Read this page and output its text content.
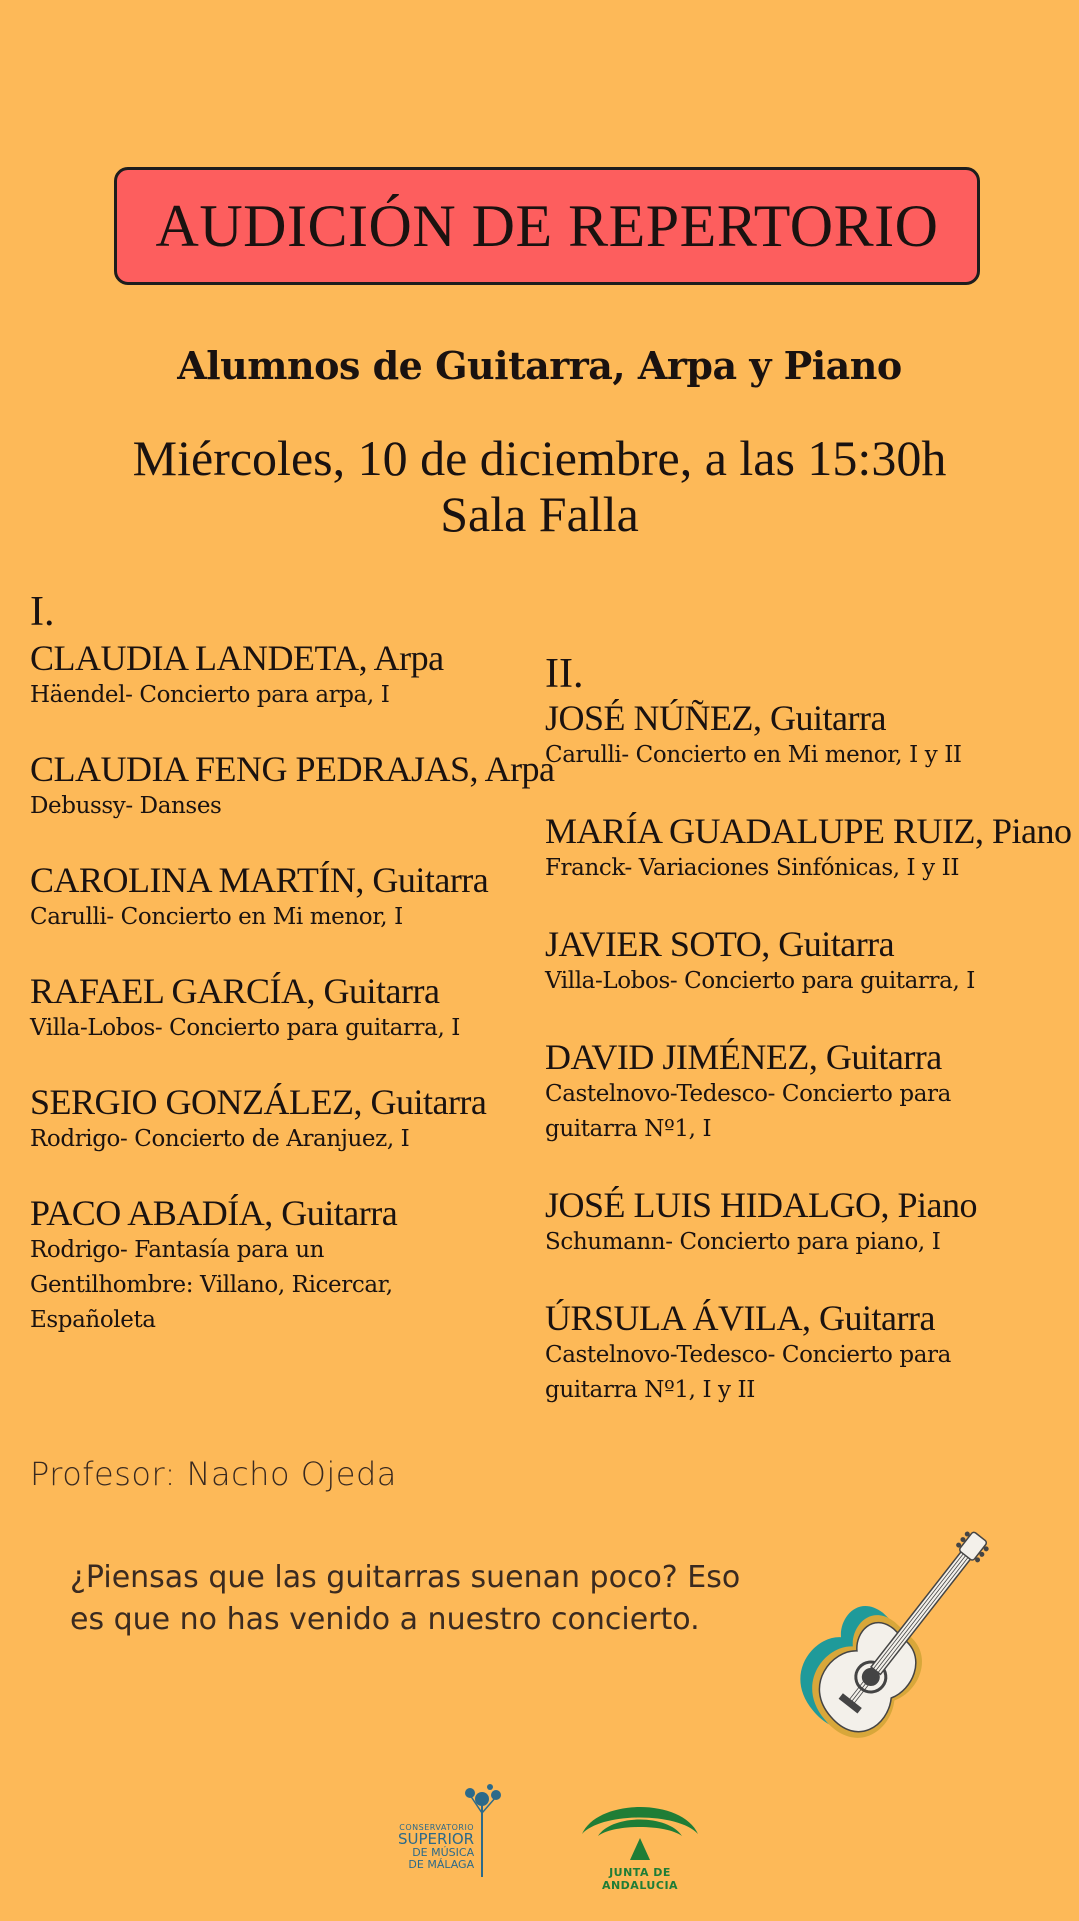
AUDICIÓN DE REPERTORIO
Alumnos de Guitarra, Arpa y Piano
Miércoles, 10 de diciembre, a las 15:30h
Sala Falla
I.
CLAUDIA LANDETA, Arpa
Häendel- Concierto para arpa, I
CLAUDIA FENG PEDRAJAS, Arpa
Debussy- Danses
CAROLINA MARTÍN, Guitarra
Carulli- Concierto en Mi menor, I
RAFAEL GARCÍA, Guitarra
Villa-Lobos- Concierto para guitarra, I
SERGIO GONZÁLEZ, Guitarra
Rodrigo- Concierto de Aranjuez, I
PACO ABADÍA, Guitarra
Rodrigo- Fantasía para un Gentilhombre: Villano, Ricercar, Españoleta
II.
JOSÉ NÚÑEZ, Guitarra
Carulli- Concierto en Mi menor, I y II
MARÍA GUADALUPE RUIZ, Piano
Franck- Variaciones Sinfónicas, I y II
JAVIER SOTO, Guitarra
Villa-Lobos- Concierto para guitarra, I
DAVID JIMÉNEZ, Guitarra
Castelnovo-Tedesco- Concierto para guitarra Nº1, I
JOSÉ LUIS HIDALGO, Piano
Schumann- Concierto para piano, I
ÚRSULA ÁVILA, Guitarra
Castelnovo-Tedesco- Concierto para guitarra Nº1, I y II
Profesor: Nacho Ojeda
¿Piensas que las guitarras suenan poco? Eso es que no has venido a nuestro concierto.
CONSERVATORIO
SUPERIOR
DE MÚSICA
DE MÁLAGA
JUNTA DE ANDALUCIA
